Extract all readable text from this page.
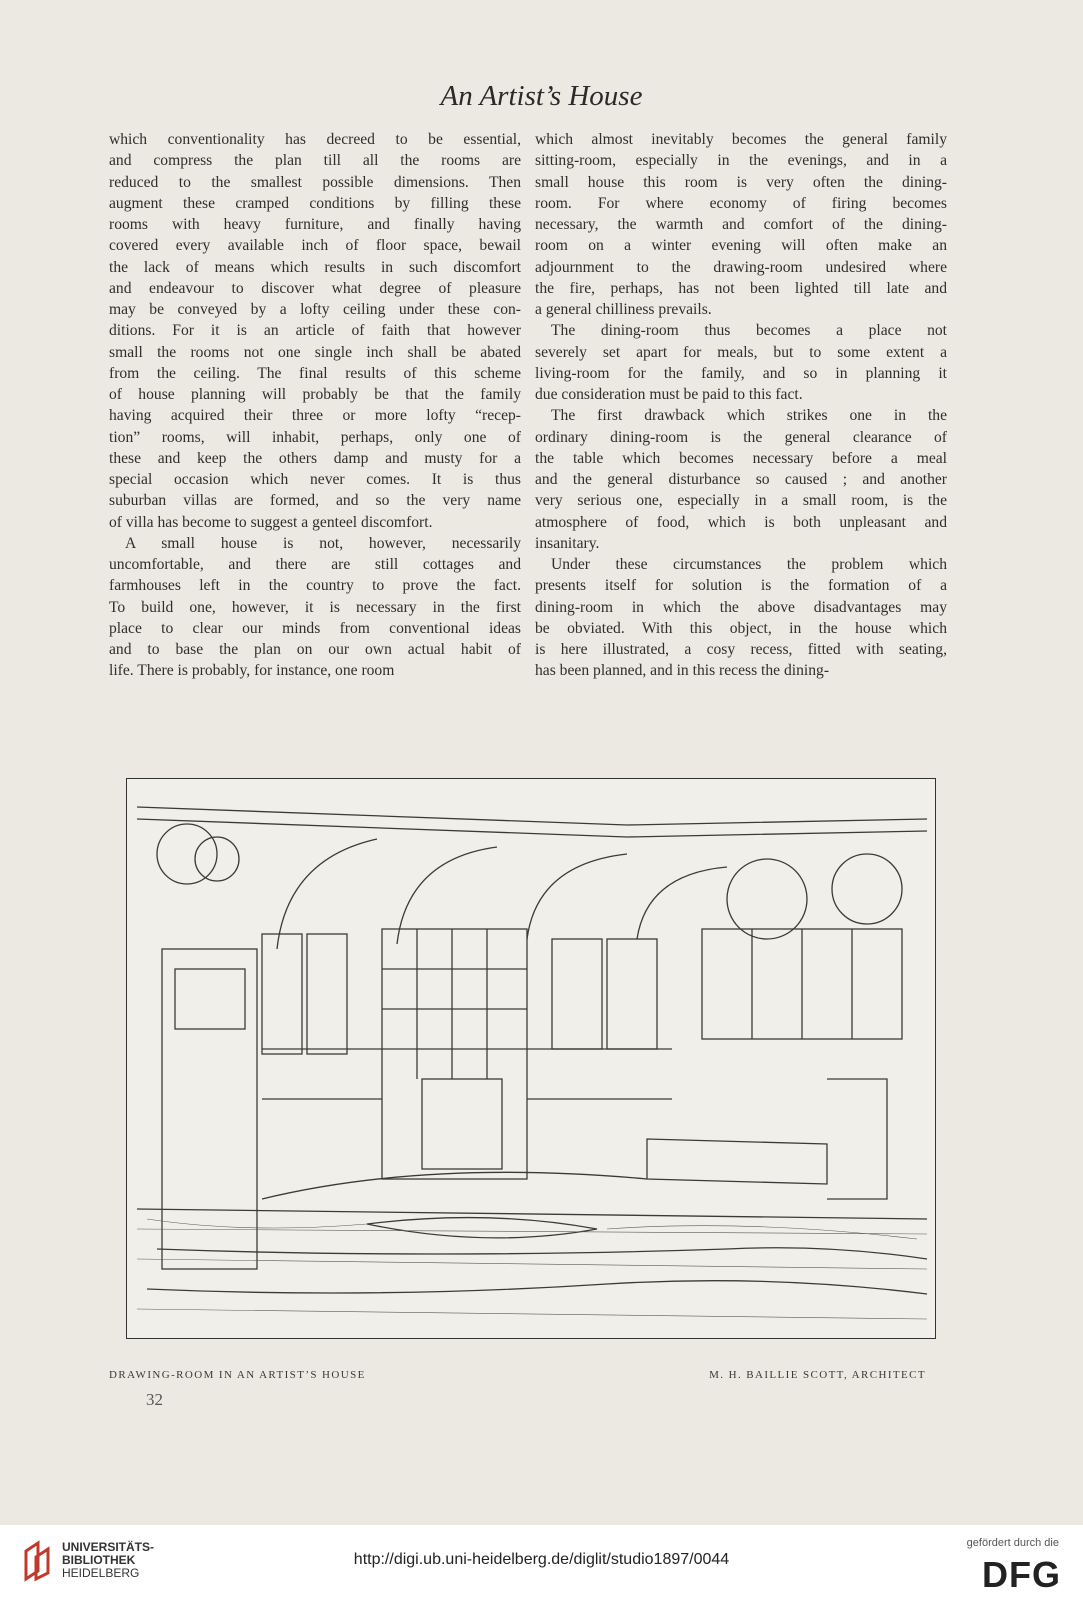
An Artist’s House
which conventionality has decreed to be essential,
and compress the plan till all the rooms are
reduced to the smallest possible dimensions. Then
augment these cramped conditions by filling these
rooms with heavy furniture, and finally having
covered every available inch of floor space, bewail
the lack of means which results in such discomfort
and endeavour to discover what degree of pleasure
may be conveyed by a lofty ceiling under these con-
ditions. For it is an article of faith that however
small the rooms not one single inch shall be abated
from the ceiling. The final results of this scheme
of house planning will probably be that the family
having acquired their three or more lofty “recep-
tion” rooms, will inhabit, perhaps, only one of
these and keep the others damp and musty for a
special occasion which never comes. It is thus
suburban villas are formed, and so the very name
of villa has become to suggest a genteel discomfort.
A small house is not, however, necessarily
uncomfortable, and there are still cottages and
farmhouses left in the country to prove the fact.
To build one, however, it is necessary in the first
place to clear our minds from conventional ideas
and to base the plan on our own actual habit of
life. There is probably, for instance, one room
which almost inevitably becomes the general family
sitting-room, especially in the evenings, and in a
small house this room is very often the dining-
room. For where economy of firing becomes
necessary, the warmth and comfort of the dining-
room on a winter evening will often make an
adjournment to the drawing-room undesired where
the fire, perhaps, has not been lighted till late and
a general chilliness prevails.
The dining-room thus becomes a place not
severely set apart for meals, but to some extent a
living-room for the family, and so in planning it
due consideration must be paid to this fact.
The first drawback which strikes one in the
ordinary dining-room is the general clearance of
the table which becomes necessary before a meal
and the general disturbance so caused ; and another
very serious one, especially in a small room, is the
atmosphere of food, which is both unpleasant and
insanitary.
Under these circumstances the problem which
presents itself for solution is the formation of a
dining-room in which the above disadvantages may
be obviated. With this object, in the house which
is here illustrated, a cosy recess, fitted with seating,
has been planned, and in this recess the dining-
DRAWING-ROOM IN AN ARTIST’S HOUSE	M. H. BAILLIE SCOTT, ARCHITECT
32
UNIVERSITÄTS-
BIBLIOTHEK
HEIDELBERG
http://digi.ub.uni-heidelberg.de/diglit/studio1897/0044
gefördert durch die
DFG
